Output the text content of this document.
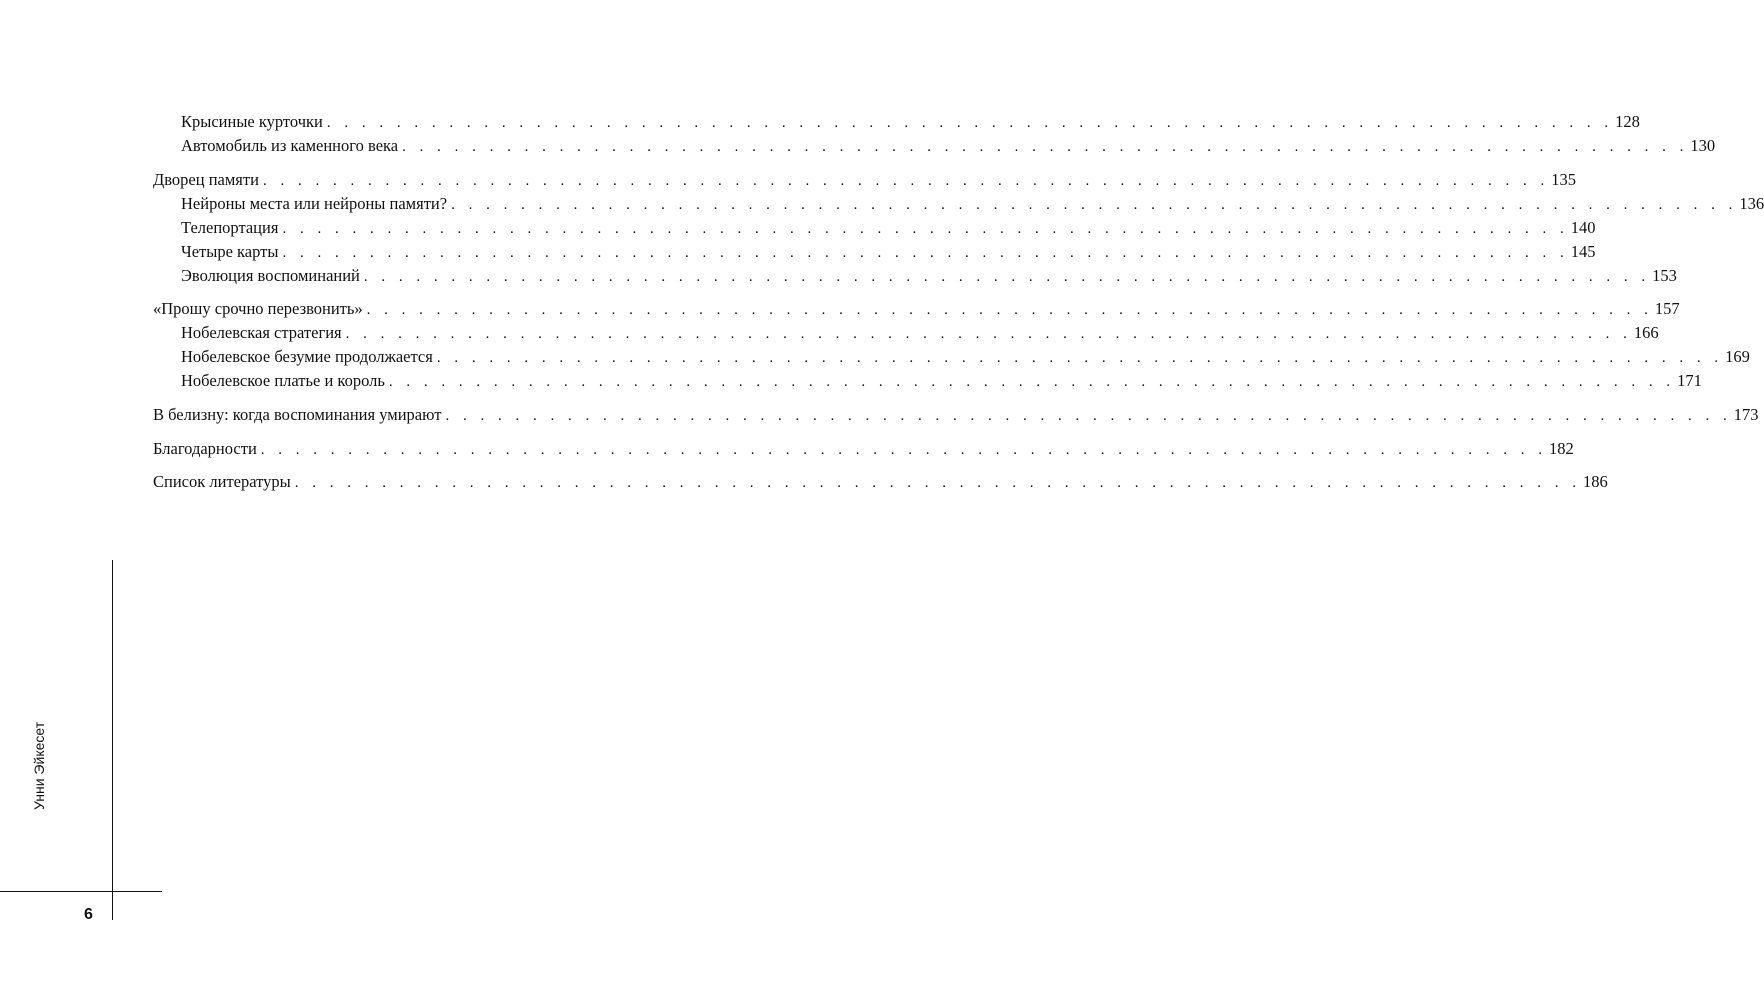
Крысиные курточки . . . . . . . . . . . . . . . . . . . . . . . . . . . . . . . . . . . . . . . . . . . . . . . . . . . . . . . . . . . . . . . . . . . . . . . . . . 128
Автомобиль из каменного века . . . . . . . . . . . . . . . . . . . . . . . . . . . . . . . . . . . . . . . . . . . . . . . . . . . . . . . . . . . . . . . . . . . . . . . . . . 130
Дворец памяти . . . . . . . . . . . . . . . . . . . . . . . . . . . . . . . . . . . . . . . . . . . . . . . . . . . . . . . . . . . . . . . . . . . . . . . . . . 135
Нейроны места или нейроны памяти? . . . . . . . . . . . . . . . . . . . . . . . . . . . . . . . . . . . . . . . . . . . . . . . . . . . . . . . . . . . . . . . . . . . . . . . . . . 136
Телепортация . . . . . . . . . . . . . . . . . . . . . . . . . . . . . . . . . . . . . . . . . . . . . . . . . . . . . . . . . . . . . . . . . . . . . . . . . . 140
Четыре карты . . . . . . . . . . . . . . . . . . . . . . . . . . . . . . . . . . . . . . . . . . . . . . . . . . . . . . . . . . . . . . . . . . . . . . . . . . 145
Эволюция воспоминаний . . . . . . . . . . . . . . . . . . . . . . . . . . . . . . . . . . . . . . . . . . . . . . . . . . . . . . . . . . . . . . . . . . . . . . . . . . 153
«Прошу срочно перезвонить» . . . . . . . . . . . . . . . . . . . . . . . . . . . . . . . . . . . . . . . . . . . . . . . . . . . . . . . . . . . . . . . . . . . . . . . . . . 157
Нобелевская стратегия . . . . . . . . . . . . . . . . . . . . . . . . . . . . . . . . . . . . . . . . . . . . . . . . . . . . . . . . . . . . . . . . . . . . . . . . . . 166
Нобелевское безумие продолжается . . . . . . . . . . . . . . . . . . . . . . . . . . . . . . . . . . . . . . . . . . . . . . . . . . . . . . . . . . . . . . . . . . . . . . . . . . 169
Нобелевское платье и король . . . . . . . . . . . . . . . . . . . . . . . . . . . . . . . . . . . . . . . . . . . . . . . . . . . . . . . . . . . . . . . . . . . . . . . . . . 171
В белизну: когда воспоминания умирают . . . . . . . . . . . . . . . . . . . . . . . . . . . . . . . . . . . . . . . . . . . . . . . . . . . . . . . . . . . . . . . . . . . . . . . . . . 173
Благодарности . . . . . . . . . . . . . . . . . . . . . . . . . . . . . . . . . . . . . . . . . . . . . . . . . . . . . . . . . . . . . . . . . . . . . . . . . . 182
Список литературы . . . . . . . . . . . . . . . . . . . . . . . . . . . . . . . . . . . . . . . . . . . . . . . . . . . . . . . . . . . . . . . . . . . . . . . . . . 186
Унни Эйкесет
6
